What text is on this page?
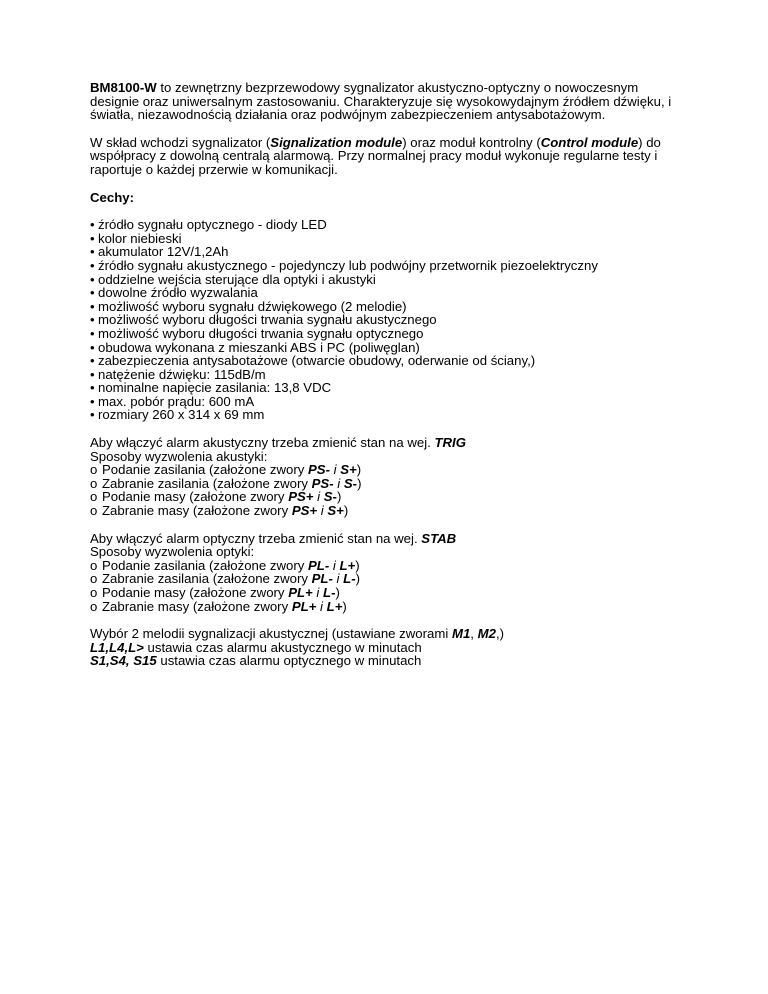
BM8100-W to zewnętrzny bezprzewodowy sygnalizator akustyczno-optyczny o nowoczesnym
designie oraz uniwersalnym zastosowaniu. Charakteryzuje się wysokowydajnym źródłem dźwięku, i
światła, niezawodnością działania oraz podwójnym zabezpieczeniem antysabotażowym.

W skład wchodzi sygnalizator (Signalization module) oraz moduł kontrolny (Control module) do
współpracy z dowolną centralą alarmową. Przy normalnej pracy moduł wykonuje regularne testy i
raportuje o każdej przerwie w komunikacji.

Cechy:

• źródło sygnału optycznego - diody LED
• kolor niebieski
• akumulator 12V/1,2Ah
• źródło sygnału akustycznego - pojedynczy lub podwójny przetwornik piezoelektryczny
• oddzielne wejścia sterujące dla optyki i akustyki
• dowolne źródło wyzwalania
• możliwość wyboru sygnału dźwiękowego (2 melodie)
• możliwość wyboru długości trwania sygnału akustycznego
• możliwość wyboru długości trwania sygnału optycznego
• obudowa wykonana z mieszanki ABS i PC (poliwęglan)
• zabezpieczenia antysabotażowe (otwarcie obudowy, oderwanie od ściany,)
• natężenie dźwięku: 115dB/m
• nominalne napięcie zasilania: 13,8 VDC
• max. pobór prądu: 600 mA
• rozmiary 260 x 314 x 69 mm
Aby włączyć alarm akustyczny trzeba zmienić stan na wej. TRIG
Sposoby wyzwolenia akustyki:
o Podanie zasilania (założone zwory PS- i S+)
o Zabranie zasilania (założone zwory PS- i S-)
o Podanie masy (założone zwory PS+ i S-)
o Zabranie masy (założone zwory PS+ i S+)
Aby włączyć alarm optyczny trzeba zmienić stan na wej. STAB
Sposoby wyzwolenia optyki:
o Podanie zasilania (założone zwory PL- i L+)
o Zabranie zasilania (założone zwory PL- i L-)
o Podanie masy (założone zwory PL+ i L-)
o Zabranie masy (założone zwory PL+ i L+)
Wybór 2 melodii sygnalizacji akustycznej (ustawiane zworami M1, M2,)
L1,L4,L> ustawia czas alarmu akustycznego w minutach
S1,S4, S15 ustawia czas alarmu optycznego w minutach
